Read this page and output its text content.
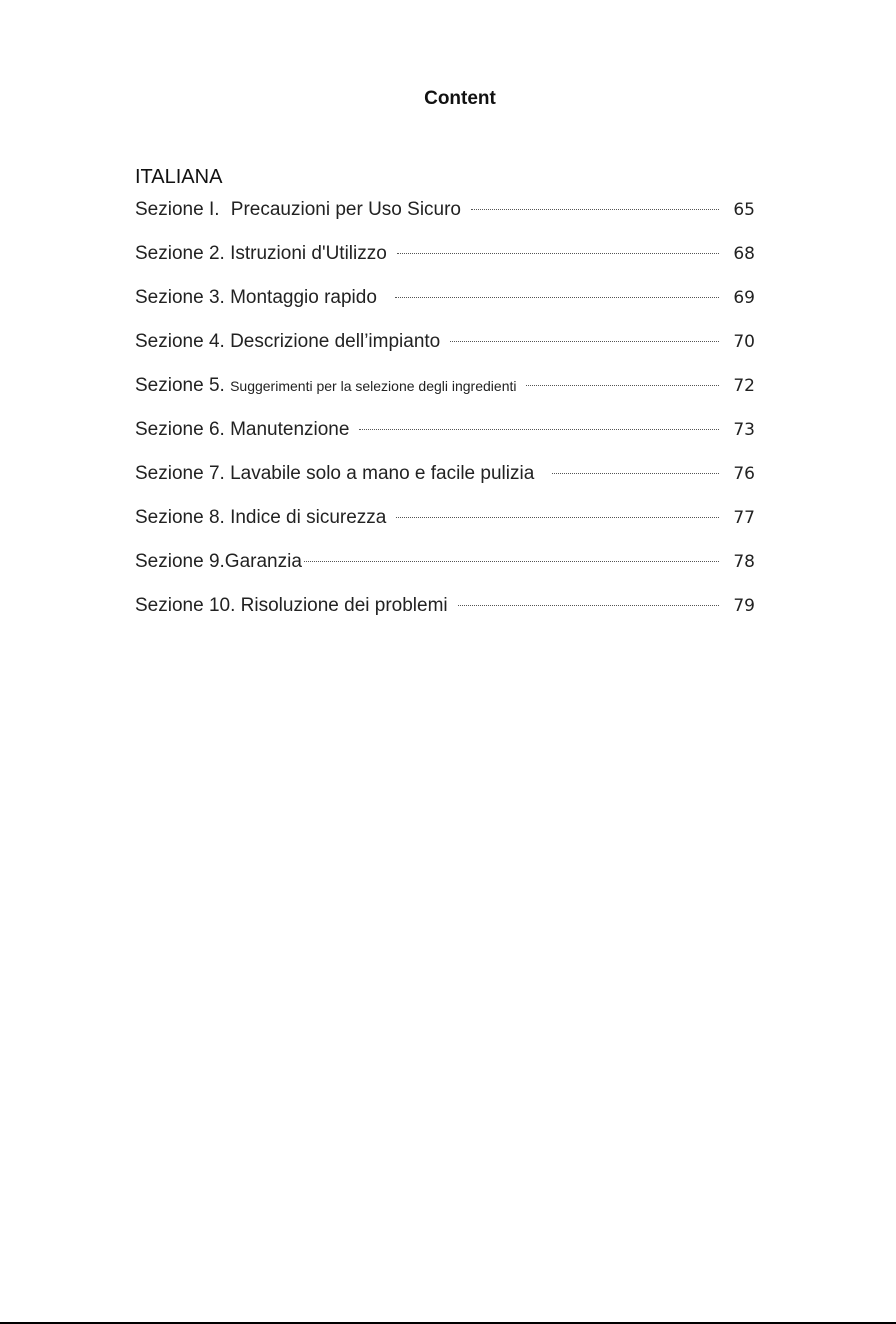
Content
ITALIANA
Sezione I. Precauzioni per Uso Sicuro	65
Sezione 2. Istruzioni d'Utilizzo	68
Sezione 3. Montaggio rapido	69
Sezione 4. Descrizione dell’impianto	70
Sezione 5. Suggerimenti per la selezione degli ingredienti	72
Sezione 6. Manutenzione	73
Sezione 7. Lavabile solo a mano e facile pulizia	76
Sezione 8. Indice di sicurezza	77
Sezione 9.Garanzia	78
Sezione 10. Risoluzione dei problemi	79
